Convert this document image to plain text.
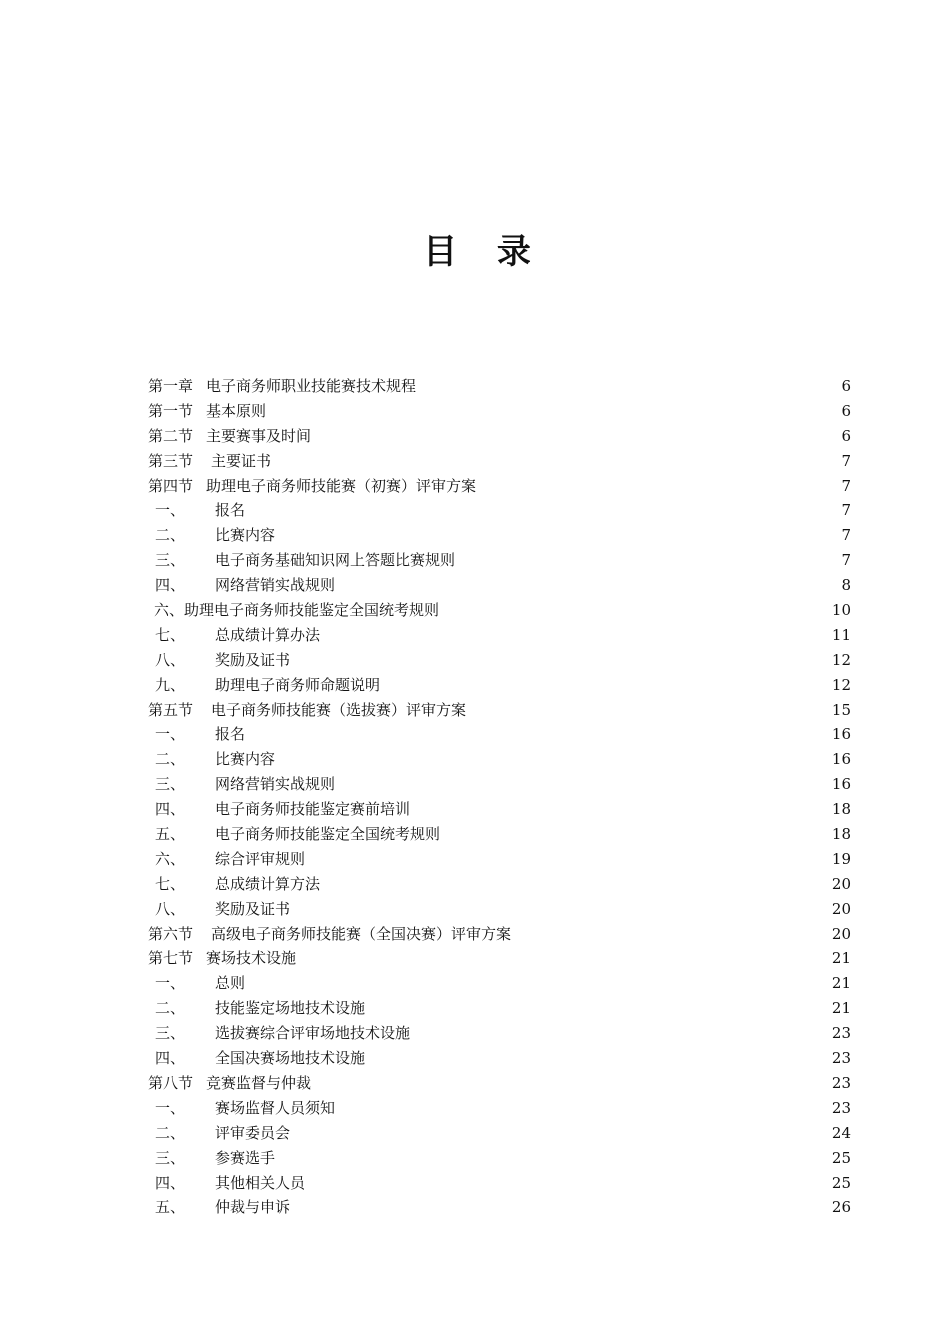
目 录
第一章 电子商务师职业技能赛技术规程	6
第一节 基本原则	6
第二节 主要赛事及时间	6
第三节	主要证书	7
第四节 助理电子商务师技能赛（初赛）评审方案	7
一、	报名	7
二、	比赛内容	7
三、	电子商务基础知识网上答题比赛规则	7
四、	网络营销实战规则	8
六、 助理电子商务师技能鉴定全国统考规则	10
七、	总成绩计算办法	11
八、	奖励及证书	12
九、	助理电子商务师命题说明	12
第五节	电子商务师技能赛（选拔赛）评审方案	15
一、	报名	16
二、	比赛内容	16
三、	网络营销实战规则	16
四、	电子商务师技能鉴定赛前培训	18
五、	电子商务师技能鉴定全国统考规则	18
六、	综合评审规则	19
七、	总成绩计算方法	20
八、	奖励及证书	20
第六节	高级电子商务师技能赛（全国决赛）评审方案	20
第七节 赛场技术设施	21
一、	总则	21
二、	技能鉴定场地技术设施	21
三、	选拔赛综合评审场地技术设施	23
四、	全国决赛场地技术设施	23
第八节 竞赛监督与仲裁	23
一、	赛场监督人员须知	23
二、	评审委员会	24
三、	参赛选手	25
四、	其他相关人员	25
五、	仲裁与申诉	26
